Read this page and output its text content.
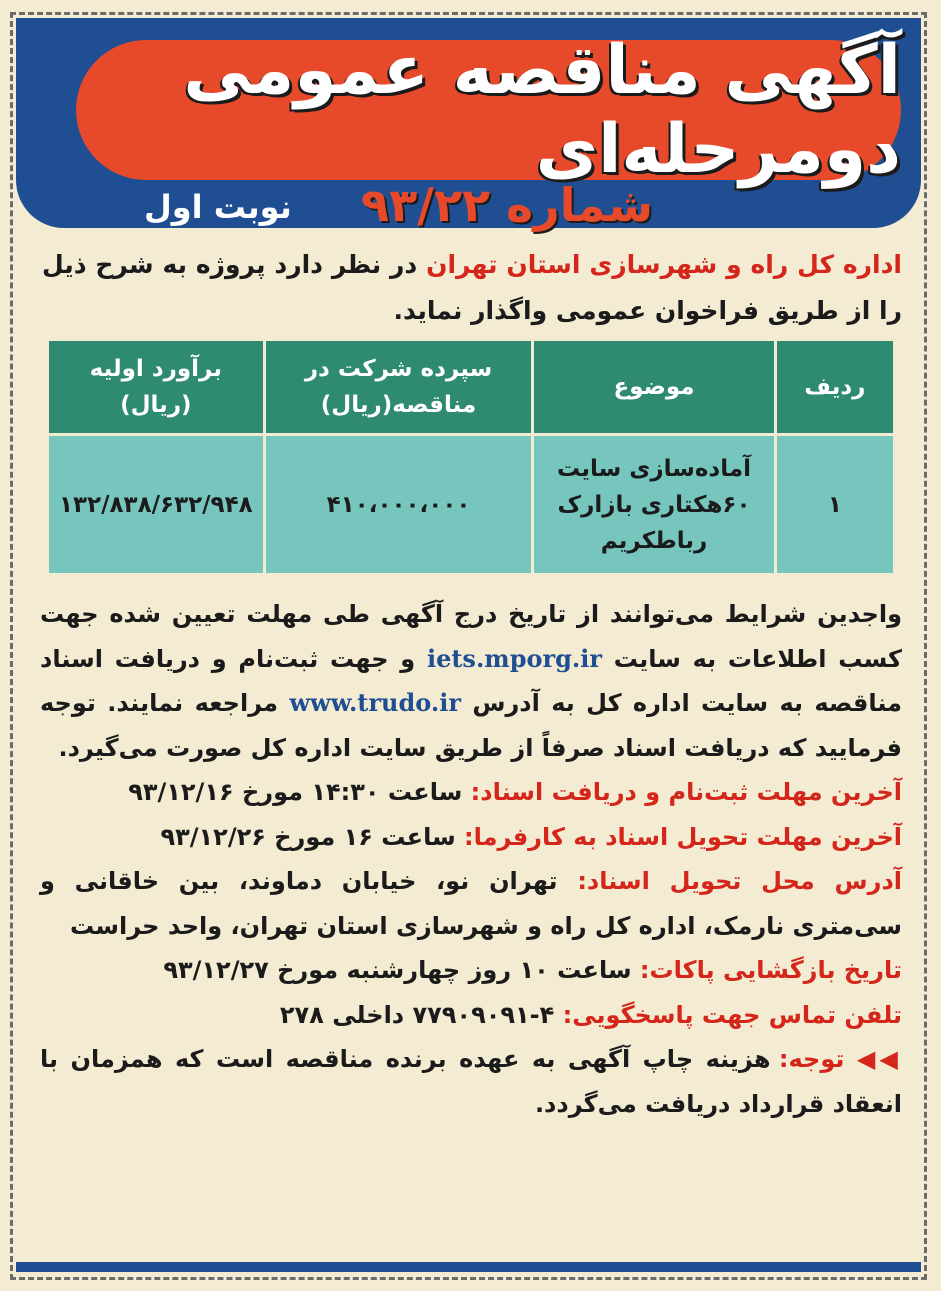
آگهی مناقصه عمومی دومرحله‌ای
شماره ۹۳/۲۲
نوبت اول
اداره کل راه و شهرسازی استان تهران در نظر دارد پروژه به شرح ذیل را از طریق فراخوان عمومی واگذار نماید.
ردیف	موضوع	سپرده شرکت در مناقصه(ریال)	برآورد اولیه (ریال)
۱	آماده‌سازی سایت ۶۰هکتاری بازارک رباطکریم	۴۱۰،۰۰۰،۰۰۰	۱۳۲/۸۳۸/۶۳۲/۹۴۸

واجدین شرایط می‌توانند از تاریخ درج آگهی طی مهلت تعیین شده جهت کسب اطلاعات به سایت iets.mporg.ir و جهت ثبت‌نام و دریافت اسناد مناقصه به سایت اداره کل به آدرس www.trudo.ir مراجعه نمایند. توجه فرمایید که دریافت اسناد صرفاً از طریق سایت اداره کل صورت می‌گیرد.

آخرین مهلت ثبت‌نام و دریافت اسناد: ساعت ۱۴:۳۰ مورخ ۹۳/۱۲/۱۶

آخرین مهلت تحویل اسناد به کارفرما: ساعت ۱۶ مورخ ۹۳/۱۲/۲۶

آدرس محل تحویل اسناد: تهران نو، خیابان دماوند، بین خاقانی و سی‌متری نارمک، اداره کل راه و شهرسازی استان تهران، واحد حراست

تاریخ بازگشایی پاکات: ساعت ۱۰ روز چهارشنبه مورخ ۹۳/۱۲/۲۷

تلفن تماس جهت پاسخگویی: ۴-۷۷۹۰۹۰۹۱ داخلی ۲۷۸

◀◀ توجه: هزینه چاپ آگهی به عهده برنده مناقصه است که همزمان با انعقاد قرارداد دریافت می‌گردد.
